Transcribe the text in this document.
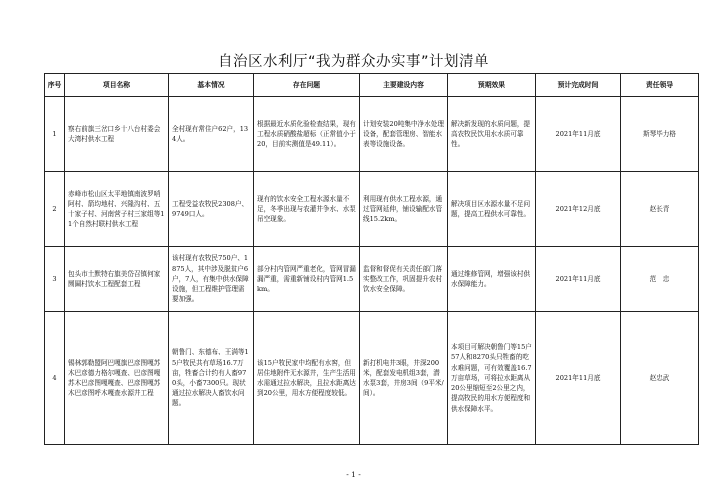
自治区水利厅“我为群众办实事”计划清单
序号	项目名称	基本情况	存在问题	主要建设内容	预期效果	预计完成时间	责任领导
1	察右前旗三岔口乡十八台村委会大湾村供水工程	全村现有常住户62户，134人。	根据最近水质化验检查结果，现有工程水质硝酸盐超标（正常值小于20，目前实测值是49.11）。	计划安装20吨集中净水处理设备，配套管理房、智能水表等设施设备。	解决新发现的水质问题，提高农牧民饮用水水质可靠性。	2021年11月底	斯琴毕力格
2	赤峰市松山区太平地镇南波罗哨阿村、箭均地村、兴隆沟村、五十家子村、河南营子村三家组等11个自然村联村供水工程	工程受益农牧民2308户、9749口人。	现有的饮水安全工程水源水量不足，冬季出现与农灌井争水、水泵吊空现象。	利用现有供水工程水源，通过管网延伸，铺设输配水管线15.2km。	解决项目区水源水量不足问题，提高工程供水可靠性。	2021年12月底	赵长青
3	包头市土默特右旗美岱召镇何家圐圙村饮水工程配套工程	该村现有农牧民750户、1875人，其中涉及脱贫户6户，7人，有集中供水保障设施，但工程维护管理需要加强。	部分村内管网严重老化，管网冒漏漏严重，需重新铺设村内管网1.5km。	监督和督促有关责任部门落实整改工作，巩固提升农村饮水安全保障。	通过维修管网，增强该村供水保障能力。	2021年11月底	范　忠
4	锡林郭勒盟阿巴嘎旗巴彦图嘎苏木巴彦德力格尔嘎查、巴彦图嘎苏木巴彦图嘎嘎查、巴彦图嘎苏木巴彦图呼木嘎查水源井工程	朝鲁门、东德布、王满等15户牧民共有草场16.7万亩，牲畜合计约有人畜970头，小畜7300只。现状通过拉水解决人畜饮水问题。	该15户牧民家中均配有水窖，但居住地附件无水源井，生产生活用水需通过拉水解决，且拉水距离达到20公里，用水方便程度较低。	新打机电井3眼，井深200米，配套发电机组3套，潜水泵3套，井房3间（9平米/间）。	本项目可解决朝鲁门等15户57人和8270头只牲畜的吃水难问题，可有效覆盖16.7万亩草场，可将拉水距离从20公里缩短至2公里之内，提高牧民的用水方便程度和供水保障水平。	2021年11月底	赵忠武
- 1 -
